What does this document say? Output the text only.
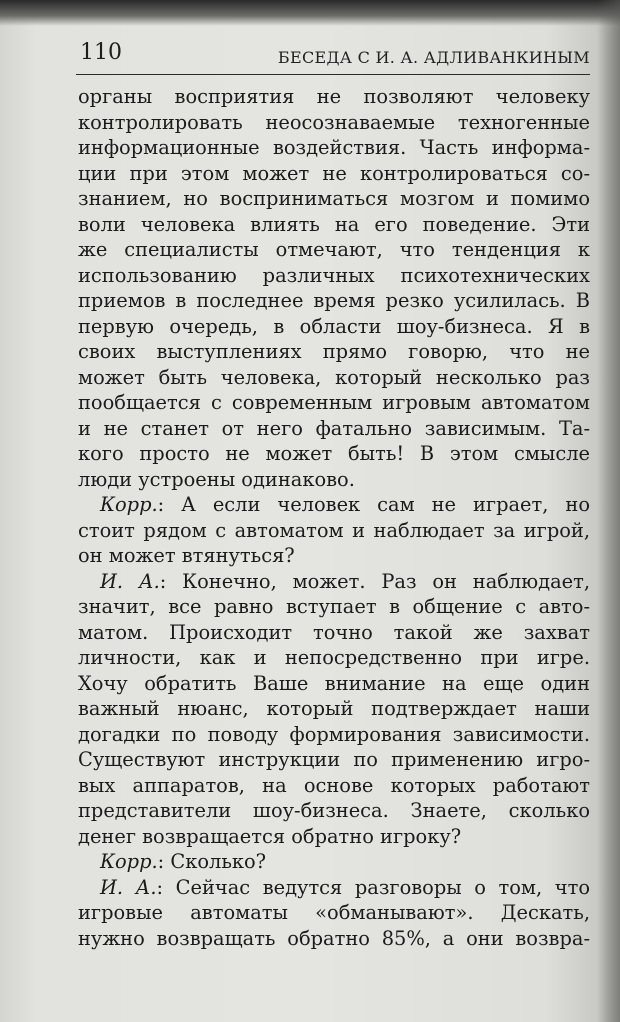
110	БЕСЕДА С И. А. АДЛИВАНКИНЫМ
органы восприятия не позволяют человеку
контролировать неосознаваемые техногенные
информационные воздействия. Часть информа-
ции при этом может не контролироваться со-
знанием, но восприниматься мозгом и помимо
воли человека влиять на его поведение. Эти
же специалисты отмечают, что тенденция к
использованию различных психотехнических
приемов в последнее время резко усилилась. В
первую очередь, в области шоу-бизнеса. Я в
своих выступлениях прямо говорю, что не
может быть человека, который несколько раз
пообщается с современным игровым автоматом
и не станет от него фатально зависимым. Та-
кого просто не может быть! В этом смысле
люди устроены одинаково.
Корр.: А если человек сам не играет, но
стоит рядом с автоматом и наблюдает за игрой,
он может втянуться?
И. А.: Конечно, может. Раз он наблюдает,
значит, все равно вступает в общение с авто-
матом. Происходит точно такой же захват
личности, как и непосредственно при игре.
Хочу обратить Ваше внимание на еще один
важный нюанс, который подтверждает наши
догадки по поводу формирования зависимости.
Существуют инструкции по применению игро-
вых аппаратов, на основе которых работают
представители шоу-бизнеса. Знаете, сколько
денег возвращается обратно игроку?
Корр.: Сколько?
И. А.: Сейчас ведутся разговоры о том, что
игровые автоматы «обманывают». Дескать,
нужно возвращать обратно 85%, а они возвра-
